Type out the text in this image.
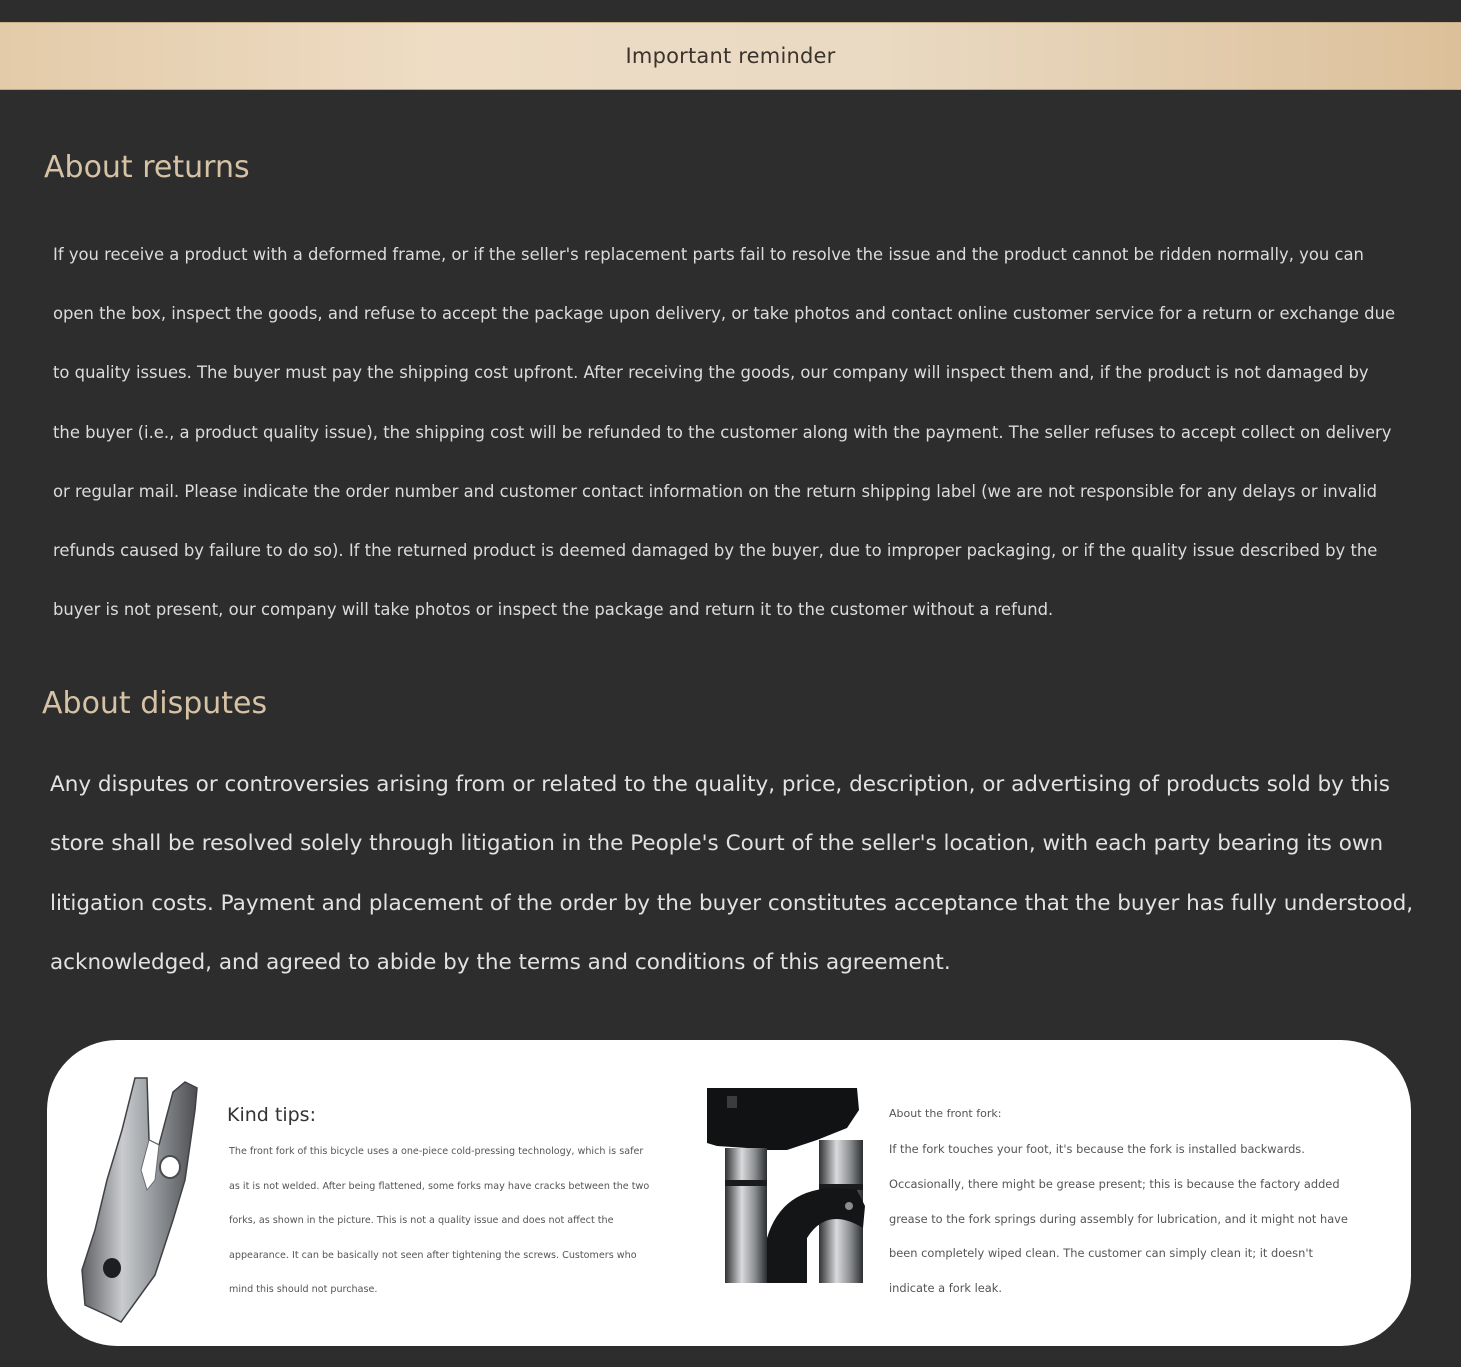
Important reminder
About returns

If you receive a product with a deformed frame, or if the seller's replacement parts fail to resolve the issue and the product cannot be ridden normally, you can open the box, inspect the goods, and refuse to accept the package upon delivery, or take photos and contact online customer service for a return or exchange due to quality issues. The buyer must pay the shipping cost upfront. After receiving the goods, our company will inspect them and, if the product is not damaged by the buyer (i.e., a product quality issue), the shipping cost will be refunded to the customer along with the payment. The seller refuses to accept collect on delivery or regular mail. Please indicate the order number and customer contact information on the return shipping label (we are not responsible for any delays or invalid refunds caused by failure to do so). If the returned product is deemed damaged by the buyer, due to improper packaging, or if the quality issue described by the buyer is not present, our company will take photos or inspect the package and return it to the customer without a refund.

About disputes

Any disputes or controversies arising from or related to the quality, price, description, or advertising of products sold by this store shall be resolved solely through litigation in the People's Court of the seller's location, with each party bearing its own litigation costs. Payment and placement of the order by the buyer constitutes acceptance that the buyer has fully understood, acknowledged, and agreed to abide by the terms and conditions of this agreement.

Kind tips:

The front fork of this bicycle uses a one-piece cold-pressing technology, which is safer as it is not welded. After being flattened, some forks may have cracks between the two forks, as shown in the picture. This is not a quality issue and does not affect the appearance. It can be basically not seen after tightening the screws. Customers who mind this should not purchase.

About the front fork:

If the fork touches your foot, it's because the fork is installed backwards. Occasionally, there might be grease present; this is because the factory added grease to the fork springs during assembly for lubrication, and it might not have been completely wiped clean. The customer can simply clean it; it doesn't indicate a fork leak.
